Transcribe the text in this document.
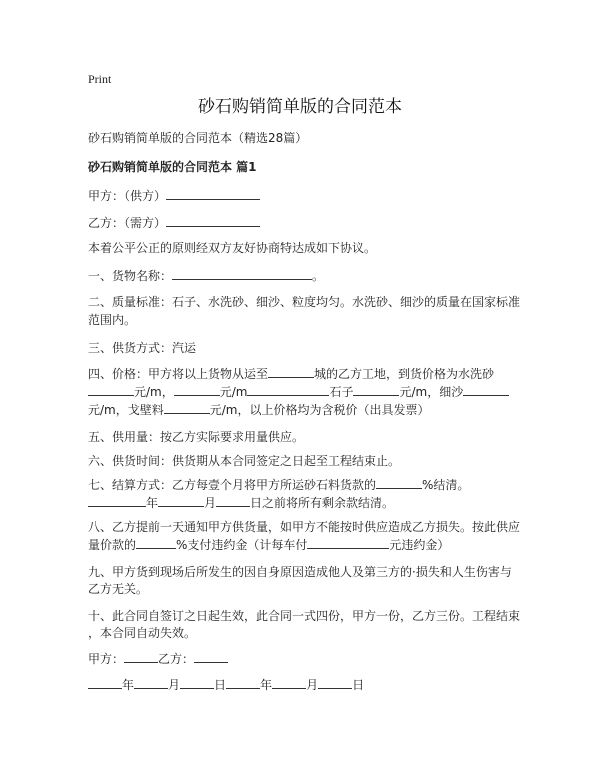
Print
砂石购销简单版的合同范本
砂石购销简单版的合同范本（精选28篇）
砂石购销简单版的合同范本 篇1
甲方：（供方）
乙方：（需方）
本着公平公正的原则经双方友好协商特达成如下协议。
一、货物名称：	。
二、质量标准：石子、水洗砂、细沙、粒度均匀。水洗砂、细沙的质量在国家标准
范围内。
三、供货方式：汽运
四、价格：甲方将以上货物从运至	城的乙方工地，到货价格为水洗砂
元/m，	元/m	石子	元/m，细沙
元/m，戈壁料	元/m，以上价格均为含税价（出具发票）
五、供用量：按乙方实际要求用量供应。
六、供货时间：供货期从本合同签定之日起至工程结束止。
七、结算方式：乙方每壹个月将甲方所运砂石料货款的	%结清。
年	月	日之前将所有剩余款结清。
八、乙方提前一天通知甲方供货量，如甲方不能按时供应造成乙方损失。按此供应
量价款的	%支付违约金（计每车付	元违约金）
九、甲方货到现场后所发生的因自身原因造成他人及第三方的·损失和人生伤害与
乙方无关。
十、此合同自签订之日起生效，此合同一式四份，甲方一份，乙方三份。工程结束
，本合同自动失效。
甲方：	乙方：
年	月	日	年	月	日
